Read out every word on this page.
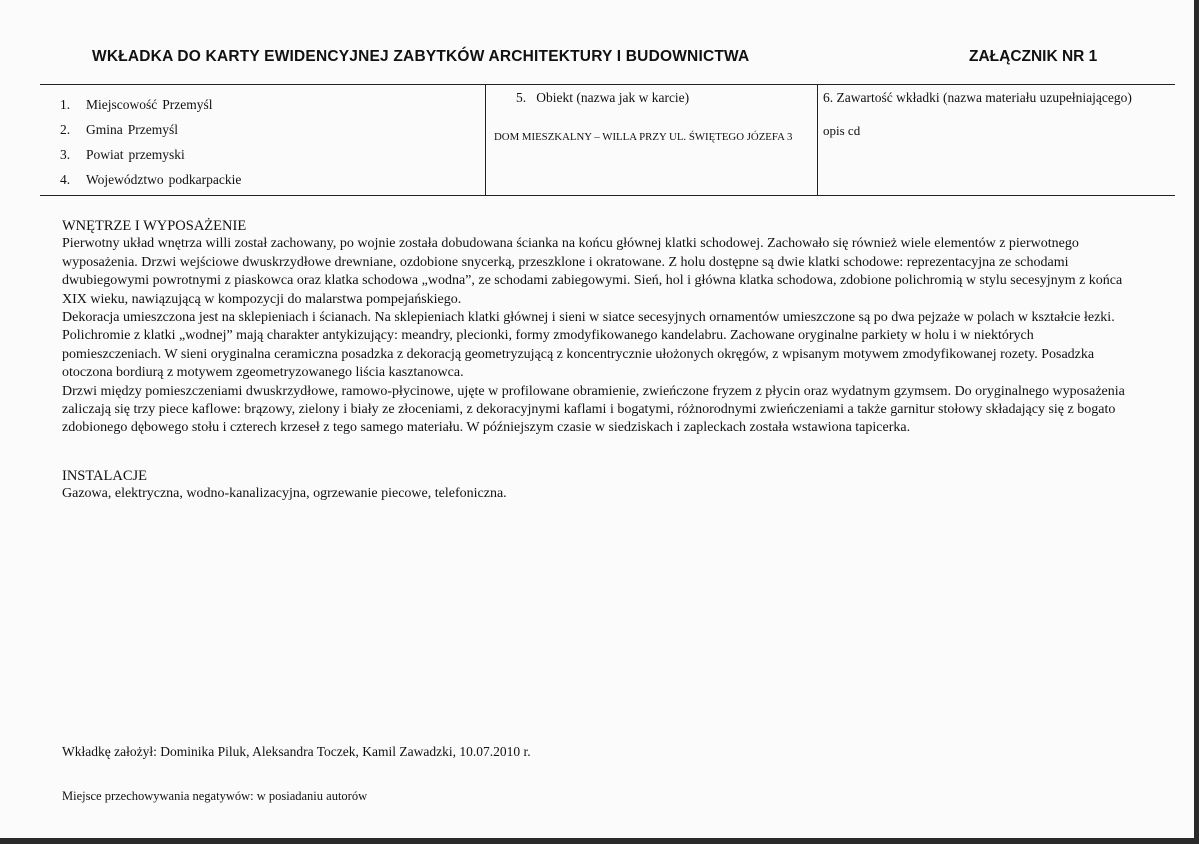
WKŁADKA DO KARTY EWIDENCYJNEJ ZABYTKÓW ARCHITEKTURY I BUDOWNICTWA	ZAŁĄCZNIK NR 1
1. Miejscowość Przemyśl
2. Gmina Przemyśl
3. Powiat przemyski
4. Województwo podkarpackie
5.   Obiekt (nazwa jak w karcie)
DOM MIESZKALNY – WILLA PRZY UL. ŚWIĘTEGO JÓZEFA 3
6. Zawartość wkładki (nazwa materiału uzupełniającego)
opis cd

WNĘTRZE I WYPOSAŻENIE

Pierwotny układ wnętrza willi został zachowany, po wojnie została dobudowana ścianka na końcu głównej klatki schodowej. Zachowało się również wiele elementów z pierwotnego wyposażenia. Drzwi wejściowe dwuskrzydłowe drewniane, ozdobione snycerką, przeszklone i okratowane. Z holu dostępne są dwie klatki schodowe: reprezentacyjna ze schodami dwubiegowymi powrotnymi z piaskowca oraz klatka schodowa „wodna”, ze schodami zabiegowymi. Sień, hol i główna klatka schodowa, zdobione polichromią w stylu secesyjnym z końca XIX wieku, nawiązującą w kompozycji do malarstwa pompejańskiego.

Dekoracja umieszczona jest na sklepieniach i ścianach. Na sklepieniach klatki głównej i sieni w siatce secesyjnych ornamentów umieszczone są po dwa pejzaże w polach w kształcie łezki. Polichromie z klatki „wodnej” mają charakter antykizujący: meandry, plecionki, formy zmodyfikowanego kandelabru. Zachowane oryginalne parkiety w holu i w niektórych pomieszczeniach. W sieni oryginalna ceramiczna posadzka z dekoracją geometryzującą z koncentrycznie ułożonych okręgów, z wpisanym motywem zmodyfikowanej rozety. Posadzka otoczona bordiurą z motywem zgeometryzowanego liścia kasztanowca.

Drzwi między pomieszczeniami dwuskrzydłowe, ramowo-płycinowe, ujęte w profilowane obramienie, zwieńczone fryzem z płycin oraz wydatnym gzymsem. Do oryginalnego wyposażenia zaliczają się trzy piece kaflowe: brązowy, zielony i biały ze złoceniami, z dekoracyjnymi kaflami i bogatymi, różnorodnymi zwieńczeniami a także garnitur stołowy składający się z bogato zdobionego dębowego stołu i czterech krzeseł z tego samego materiału. W późniejszym czasie w siedziskach i zapleckach została wstawiona tapicerka.

INSTALACJE

Gazowa, elektryczna, wodno-kanalizacyjna, ogrzewanie piecowe, telefoniczna.

Wkładkę założył: Dominika Piluk, Aleksandra Toczek, Kamil Zawadzki, 10.07.2010 r.
Miejsce przechowywania negatywów: w posiadaniu autorów
